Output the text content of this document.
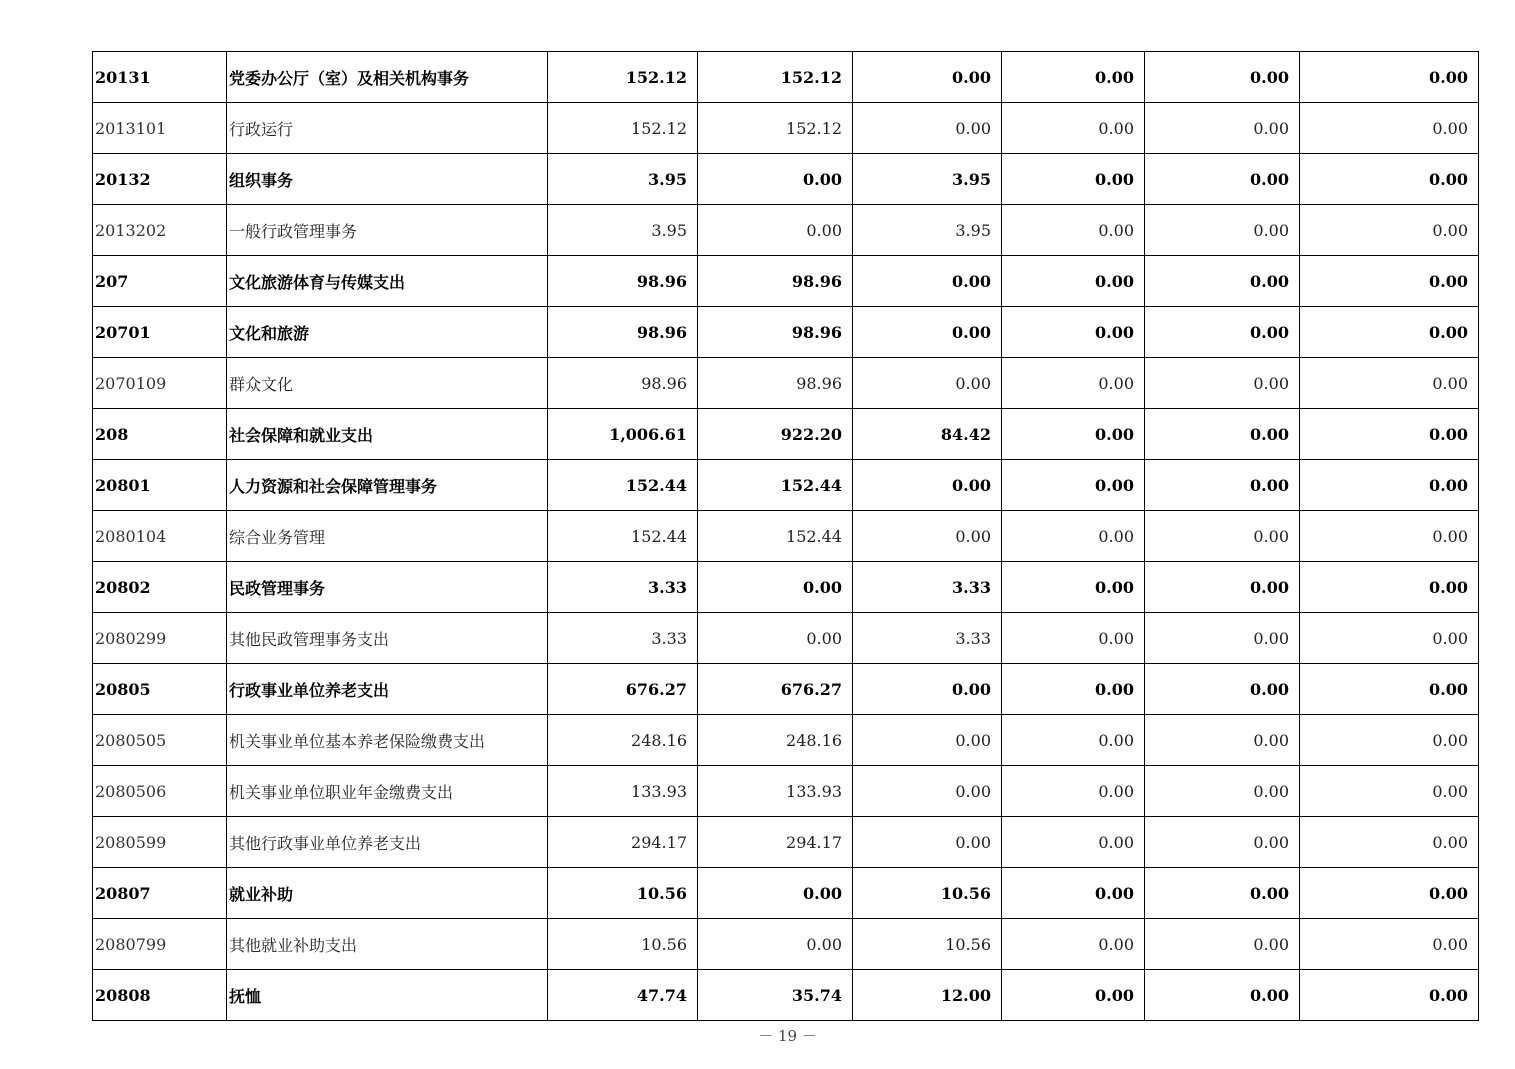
20131	党委办公厅（室）及相关机构事务	152.12	152.12	0.00	0.00	0.00	0.00
2013101	行政运行	152.12	152.12	0.00	0.00	0.00	0.00
20132	组织事务	3.95	0.00	3.95	0.00	0.00	0.00
2013202	一般行政管理事务	3.95	0.00	3.95	0.00	0.00	0.00
207	文化旅游体育与传媒支出	98.96	98.96	0.00	0.00	0.00	0.00
20701	文化和旅游	98.96	98.96	0.00	0.00	0.00	0.00
2070109	群众文化	98.96	98.96	0.00	0.00	0.00	0.00
208	社会保障和就业支出	1,006.61	922.20	84.42	0.00	0.00	0.00
20801	人力资源和社会保障管理事务	152.44	152.44	0.00	0.00	0.00	0.00
2080104	综合业务管理	152.44	152.44	0.00	0.00	0.00	0.00
20802	民政管理事务	3.33	0.00	3.33	0.00	0.00	0.00
2080299	其他民政管理事务支出	3.33	0.00	3.33	0.00	0.00	0.00
20805	行政事业单位养老支出	676.27	676.27	0.00	0.00	0.00	0.00
2080505	机关事业单位基本养老保险缴费支出	248.16	248.16	0.00	0.00	0.00	0.00
2080506	机关事业单位职业年金缴费支出	133.93	133.93	0.00	0.00	0.00	0.00
2080599	其他行政事业单位养老支出	294.17	294.17	0.00	0.00	0.00	0.00
20807	就业补助	10.56	0.00	10.56	0.00	0.00	0.00
2080799	其他就业补助支出	10.56	0.00	10.56	0.00	0.00	0.00
20808	抚恤	47.74	35.74	12.00	0.00	0.00	0.00
－ 19 －
